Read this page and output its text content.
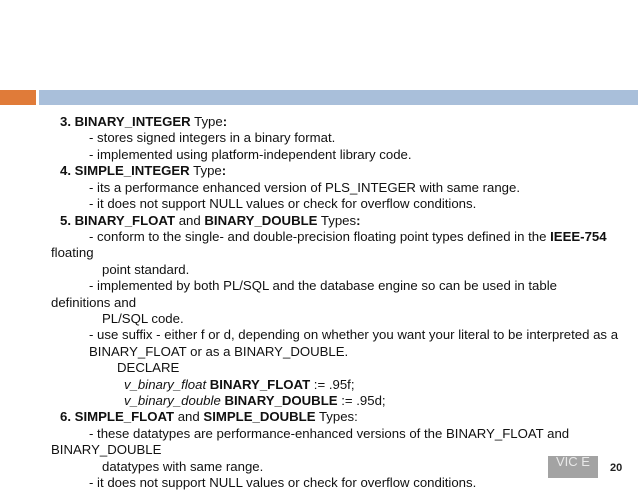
3. BINARY_INTEGER Type:
- stores signed integers in a binary format.
- implemented using platform-independent library code.
4. SIMPLE_INTEGER Type:
- its a performance enhanced version of PLS_INTEGER with same range.
- it does not support NULL values or check for overflow conditions.
5. BINARY_FLOAT and BINARY_DOUBLE Types:
- conform to the single- and double-precision floating point types defined in the IEEE-754
floating
point standard.
- implemented by both PL/SQL and the database engine so can be used in table
definitions and
PL/SQL code.
- use suffix - either f or d, depending on whether you want your literal to be interpreted as a
BINARY_FLOAT or as a BINARY_DOUBLE.
DECLARE
v_binary_float BINARY_FLOAT := .95f;
v_binary_double BINARY_DOUBLE := .95d;
6. SIMPLE_FLOAT and SIMPLE_DOUBLE Types:
- these datatypes are performance-enhanced versions of the BINARY_FLOAT and
BINARY_DOUBLE
datatypes with same range.
- it does not support NULL values or check for overflow conditions.
VIC E	20
